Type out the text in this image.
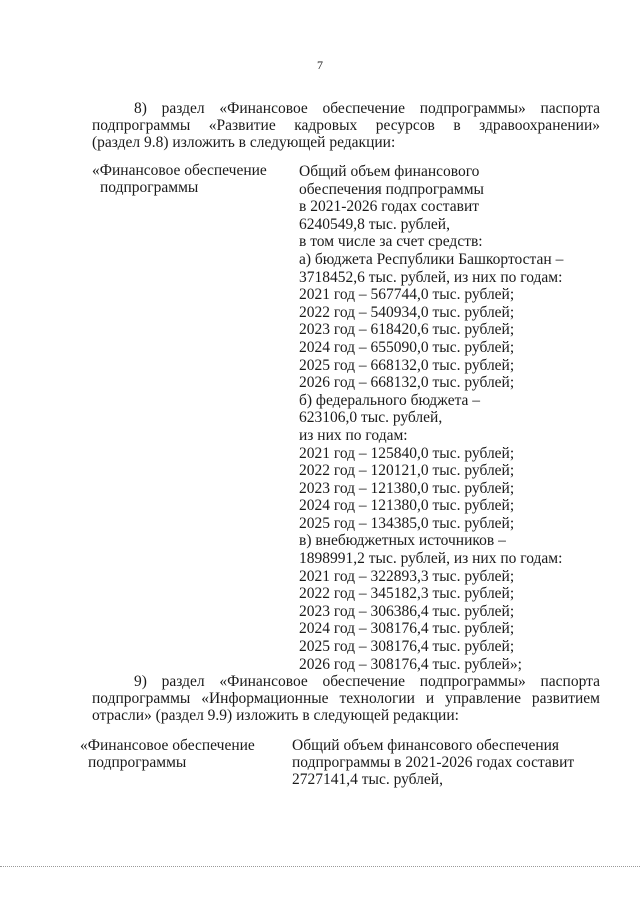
7
8) раздел «Финансовое обеспечение подпрограммы» паспорта
подпрограммы «Развитие кадровых ресурсов в здравоохранении»
(раздел 9.8) изложить в следующей редакции:
«Финансовое обеспечение
подпрограммы
Общий объем финансового
обеспечения подпрограммы
в 2021-2026 годах составит
6240549,8 тыс. рублей,
в том числе за счет средств:
а) бюджета Республики Башкортостан –
3718452,6 тыс. рублей, из них по годам:
2021 год – 567744,0 тыс. рублей;
2022 год – 540934,0 тыс. рублей;
2023 год – 618420,6 тыс. рублей;
2024 год – 655090,0 тыс. рублей;
2025 год – 668132,0 тыс. рублей;
2026 год – 668132,0 тыс. рублей;
б) федерального бюджета –
623106,0 тыс. рублей,
из них по годам:
2021 год – 125840,0 тыс. рублей;
2022 год – 120121,0 тыс. рублей;
2023 год – 121380,0 тыс. рублей;
2024 год – 121380,0 тыс. рублей;
2025 год – 134385,0 тыс. рублей;
в) внебюджетных источников –
1898991,2 тыс. рублей, из них по годам:
2021 год – 322893,3 тыс. рублей;
2022 год – 345182,3 тыс. рублей;
2023 год – 306386,4 тыс. рублей;
2024 год – 308176,4 тыс. рублей;
2025 год – 308176,4 тыс. рублей;
2026 год – 308176,4 тыс. рублей»;
9) раздел «Финансовое обеспечение подпрограммы» паспорта
подпрограммы «Информационные технологии и управление развитием
отрасли» (раздел 9.9) изложить в следующей редакции:
«Финансовое обеспечение
подпрограммы
Общий объем финансового обеспечения
подпрограммы в 2021-2026 годах составит
2727141,4 тыс. рублей,
